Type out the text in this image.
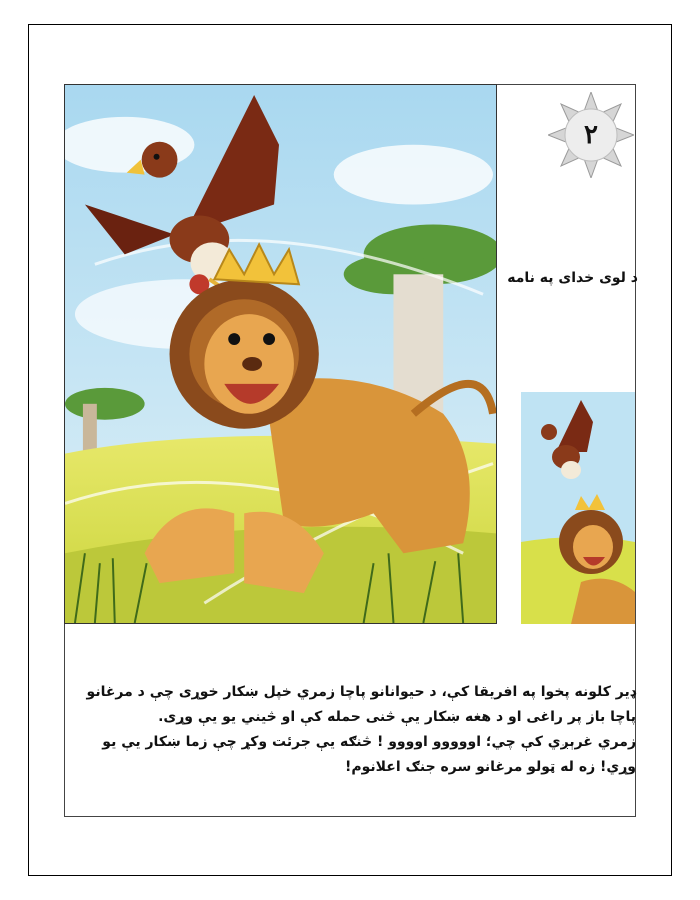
٢
د لوی خدای په نامه

ډیر کلونه پخوا په افریقا کې، د حیوانانو پاچا زمري خپل ښکار خوړی چې د مرغانو پاچا باز پر راغی او د هغه ښکار یې څنی حمله کې او څیني یو یې وړی.

زمري غرېږي کې چي؛ اووووو اوووو ! څنګه یې جرئت وکړ چې زما ښکار یې یو وړي! زه له ټولو مرغانو سره جنګ اعلانوم!
